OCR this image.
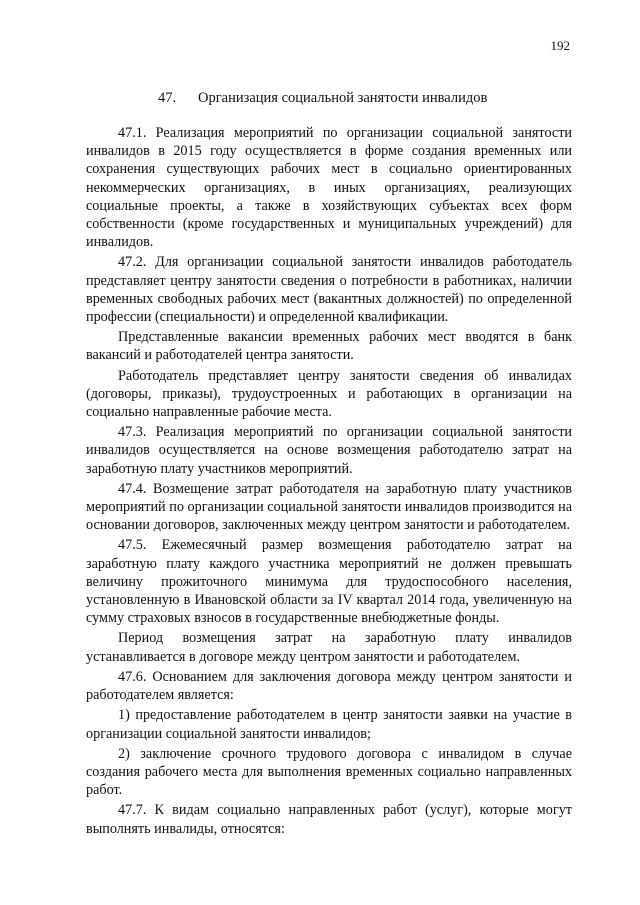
192
47. Организация социальной занятости инвалидов

47.1. Реализация мероприятий по организации социальной занятости инвалидов в 2015 году осуществляется в форме создания временных или сохранения существующих рабочих мест в социально ориентированных некоммерческих организациях, в иных организациях, реализующих социальные проекты, а также в хозяйствующих субъектах всех форм собственности (кроме государственных и муниципальных учреждений) для инвалидов.

47.2. Для организации социальной занятости инвалидов работодатель представляет центру занятости сведения о потребности в работниках, наличии временных свободных рабочих мест (вакантных должностей) по определенной профессии (специальности) и определенной квалификации.

Представленные вакансии временных рабочих мест вводятся в банк вакансий и работодателей центра занятости.

Работодатель представляет центру занятости сведения об инвалидах (договоры, приказы), трудоустроенных и работающих в организации на социально направленные рабочие места.

47.3. Реализация мероприятий по организации социальной занятости инвалидов осуществляется на основе возмещения работодателю затрат на заработную плату участников мероприятий.

47.4. Возмещение затрат работодателя на заработную плату участников мероприятий по организации социальной занятости инвалидов производится на основании договоров, заключенных между центром занятости и работодателем.

47.5. Ежемесячный размер возмещения работодателю затрат на заработную плату каждого участника мероприятий не должен превышать величину прожиточного минимума для трудоспособного населения, установленную в Ивановской области за IV квартал 2014 года, увеличенную на сумму страховых взносов в государственные внебюджетные фонды.

Период возмещения затрат на заработную плату инвалидов устанавливается в договоре между центром занятости и работодателем.

47.6. Основанием для заключения договора между центром занятости и работодателем является:

1) предоставление работодателем в центр занятости заявки на участие в организации социальной занятости инвалидов;

2) заключение срочного трудового договора с инвалидом в случае создания рабочего места для выполнения временных социально направленных работ.

47.7. К видам социально направленных работ (услуг), которые могут выполнять инвалиды, относятся:
